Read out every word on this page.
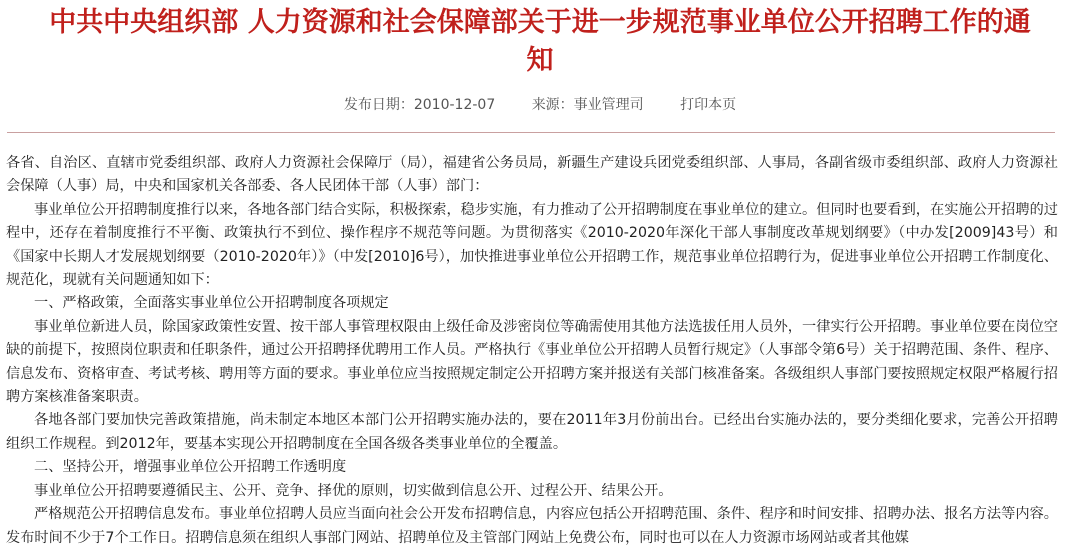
中共中央组织部 人力资源和社会保障部关于进一步规范事业单位公开招聘工作的通
知
发布日期：2010-12-07	来源：事业管理司	打印本页

各省、自治区、直辖市党委组织部、政府人力资源社会保障厅（局），福建省公务员局，新疆生产建设兵团党委组织部、人事局，各副省级市委组织部、政府人力资源社会保障（人事）局，中央和国家机关各部委、各人民团体干部（人事）部门：

事业单位公开招聘制度推行以来，各地各部门结合实际，积极探索，稳步实施，有力推动了公开招聘制度在事业单位的建立。但同时也要看到，在实施公开招聘的过程中，还存在着制度推行不平衡、政策执行不到位、操作程序不规范等问题。为贯彻落实《2010-2020年深化干部人事制度改革规划纲要》（中办发[2009]43号）和《国家中长期人才发展规划纲要（2010-2020年）》（中发[2010]6号），加快推进事业单位公开招聘工作，规范事业单位招聘行为，促进事业单位公开招聘工作制度化、规范化，现就有关问题通知如下：

一、严格政策，全面落实事业单位公开招聘制度各项规定

事业单位新进人员，除国家政策性安置、按干部人事管理权限由上级任命及涉密岗位等确需使用其他方法选拔任用人员外，一律实行公开招聘。事业单位要在岗位空缺的前提下，按照岗位职责和任职条件，通过公开招聘择优聘用工作人员。严格执行《事业单位公开招聘人员暂行规定》（人事部令第6号）关于招聘范围、条件、程序、信息发布、资格审查、考试考核、聘用等方面的要求。事业单位应当按照规定制定公开招聘方案并报送有关部门核准备案。各级组织人事部门要按照规定权限严格履行招聘方案核准备案职责。

各地各部门要加快完善政策措施，尚未制定本地区本部门公开招聘实施办法的，要在2011年3月份前出台。已经出台实施办法的，要分类细化要求，完善公开招聘组织工作规程。到2012年，要基本实现公开招聘制度在全国各级各类事业单位的全覆盖。

二、坚持公开，增强事业单位公开招聘工作透明度

事业单位公开招聘要遵循民主、公开、竞争、择优的原则，切实做到信息公开、过程公开、结果公开。

严格规范公开招聘信息发布。事业单位招聘人员应当面向社会公开发布招聘信息，内容应包括公开招聘范围、条件、程序和时间安排、招聘办法、报名方法等内容。发布时间不少于7个工作日。招聘信息须在组织人事部门网站、招聘单位及主管部门网站上免费公布，同时也可以在人力资源市场网站或者其他媒
